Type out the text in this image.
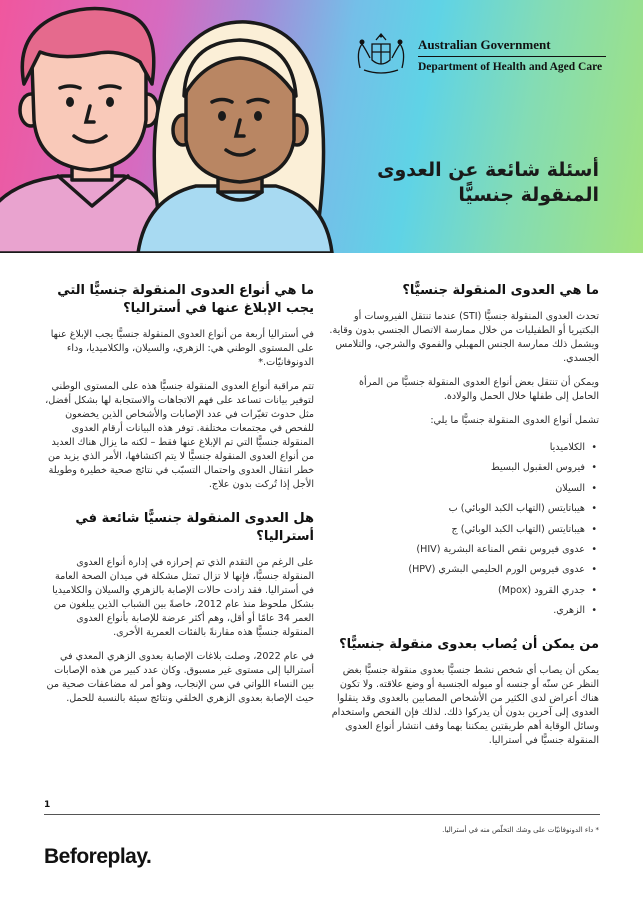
Australian Government
Department of Health and Aged Care
أسئلة شائعة عن العدوى
المنقولة جنسيًّا
ما هي العدوى المنقولة جنسيًّا؟

تحدث العدوى المنقولة جنسيًّا (STI) عندما تنتقل الفيروسات أو البكتيريا أو الطفيليات من خلال ممارسة الاتصال الجنسي بدون وقاية. ويشمل ذلك ممارسة الجنس المهبلي والفموي والشرجي، والتلامس الجسدي.

ويمكن أن تنتقل بعض أنواع العدوى المنقولة جنسيًّا من المرأة الحامل إلى طفلها خلال الحمل والولادة.

تشمل أنواع العدوى المنقولة جنسيًّا ما يلي:

• الكلاميديا
• فيروس العقبول البسيط
• السيلان
• هيباتايتس (التهاب الكبد الوبائي) ب
• هيباتايتس (التهاب الكبد الوبائي) ج
• عدوى فيروس نقص المناعة البشرية (HIV)
• عدوى فيروس الورم الحليمي البشري (HPV)
• جدري القرود (Mpox)
• الزهري.
من يمكن أن يُصاب بعدوى منقولة جنسيًّا؟

يمكن أن يصاب أي شخص نشط جنسيًّا بعدوى منقولة جنسيًّا بغض النظر عن سنّه أو جنسه أو ميوله الجنسية أو وضع علاقته. ولا تكون هناك أعراض لدى الكثير من الأشخاص المصابين بالعدوى وقد ينقلوا العدوى إلى آخرين بدون أن يدركوا ذلك. لذلك فإن الفحص واستخدام وسائل الوقاية أهم طريقتين يمكننا بهما وقف انتشار أنواع العدوى المنقولة جنسيًّا في أستراليا.

ما هي أنواع العدوى المنقولة جنسيًّا التي يجب الإبلاغ عنها في أستراليا؟

في أستراليا أربعة من أنواع العدوى المنقولة جنسيًّا يجب الإبلاغ عنها على المستوى الوطني هي: الزهري، والسيلان، والكلاميديا، وداء الدونوفانيّات.*

تتم مراقبة أنواع العدوى المنقولة جنسيًّا هذه على المستوى الوطني لتوفير بيانات تساعد على فهم الاتجاهات والاستجابة لها بشكل أفضل، مثل حدوث تغيّرات في عدد الإصابات والأشخاص الذين يخضعون للفحص في مجتمعات مختلفة. توفر هذه البيانات أرقام العدوى المنقولة جنسيًّا التي تم الإبلاغ عنها فقط – لكنه ما يزال هناك العديد من أنواع العدوى المنقولة جنسيًّا لا يتم اكتشافها، الأمر الذي يزيد من خطر انتقال العدوى واحتمال التسبّب في نتائج صحية خطيرة وطويلة الأجل إذا تُركت بدون علاج.

هل العدوى المنقولة جنسيًّا شائعة في أستراليا؟

على الرغم من التقدم الذي تم إحرازه في إدارة أنواع العدوى المنقولة جنسيًّا، فإنها لا تزال تمثل مشكلة في ميدان الصحة العامة في أستراليا. فقد زادت حالات الإصابة بالزهري والسيلان والكلاميديا بشكل ملحوظ منذ عام 2012، خاصةً بين الشباب الذين يبلغون من العمر 34 عامًا أو أقل، وهم أكثر عرضة للإصابة بأنواع العدوى المنقولة جنسيًّا هذه مقارنةً بالفئات العمرية الأخرى.

في عام 2022، وصلت بلاغات الإصابة بعدوى الزهري المعدي في أستراليا إلى مستوى غير مسبوق. وكان عدد كبير من هذه الإصابات بين النساء اللواتي في سن الإنجاب، وهو أمر له مضاعفات صحية من حيث الإصابة بعدوى الزهري الخلقي ونتائج سيئة بالنسبة للحمل.

1
* داء الدونوفانيّات على وشك التخلّص منه في أستراليا.
Beforeplay.
